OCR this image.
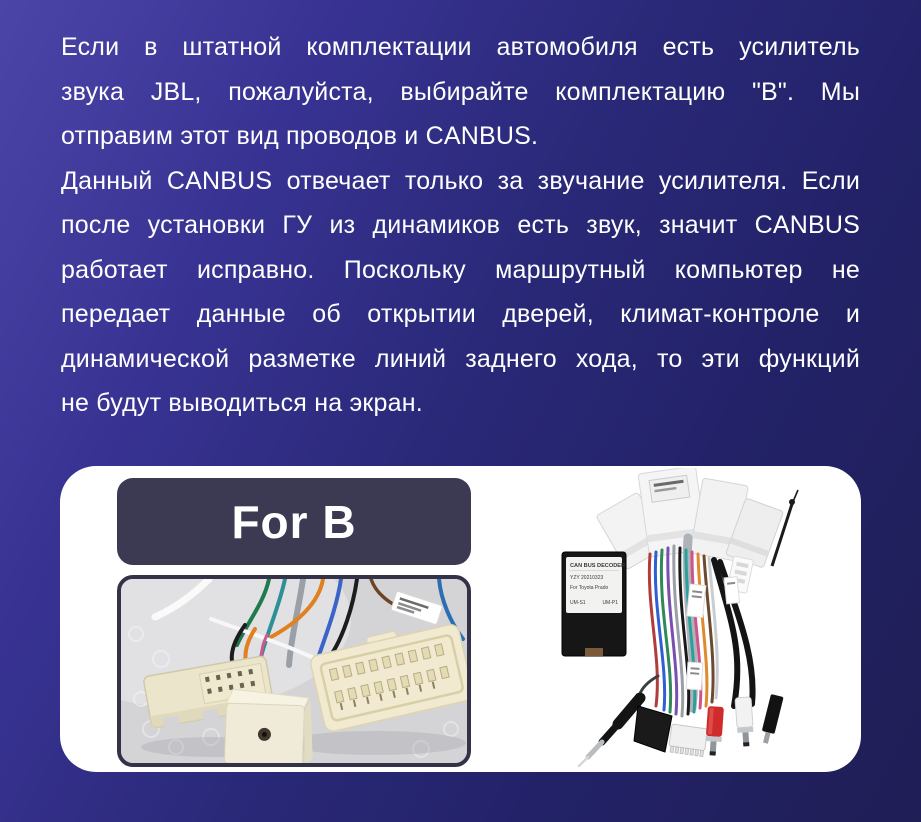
Если в штатной комплектации автомобиля есть усилитель
звука JBL, пожалуйста, выбирайте комплектацию "B". Мы
отправим этот вид проводов и CANBUS.
Данный CANBUS отвечает только за звучание усилителя. Если
после установки ГУ из динамиков есть звук, значит CANBUS
работает исправно. Поскольку маршрутный компьютер не
передает данные об открытии дверей, климат-контроле и
динамической разметке линий заднего хода, то эти функций
не будут выводиться на экран.
For B
CAN BUS DECODER
YZY 20210323
For Toyota Prado
UM-S1	UM-P1
